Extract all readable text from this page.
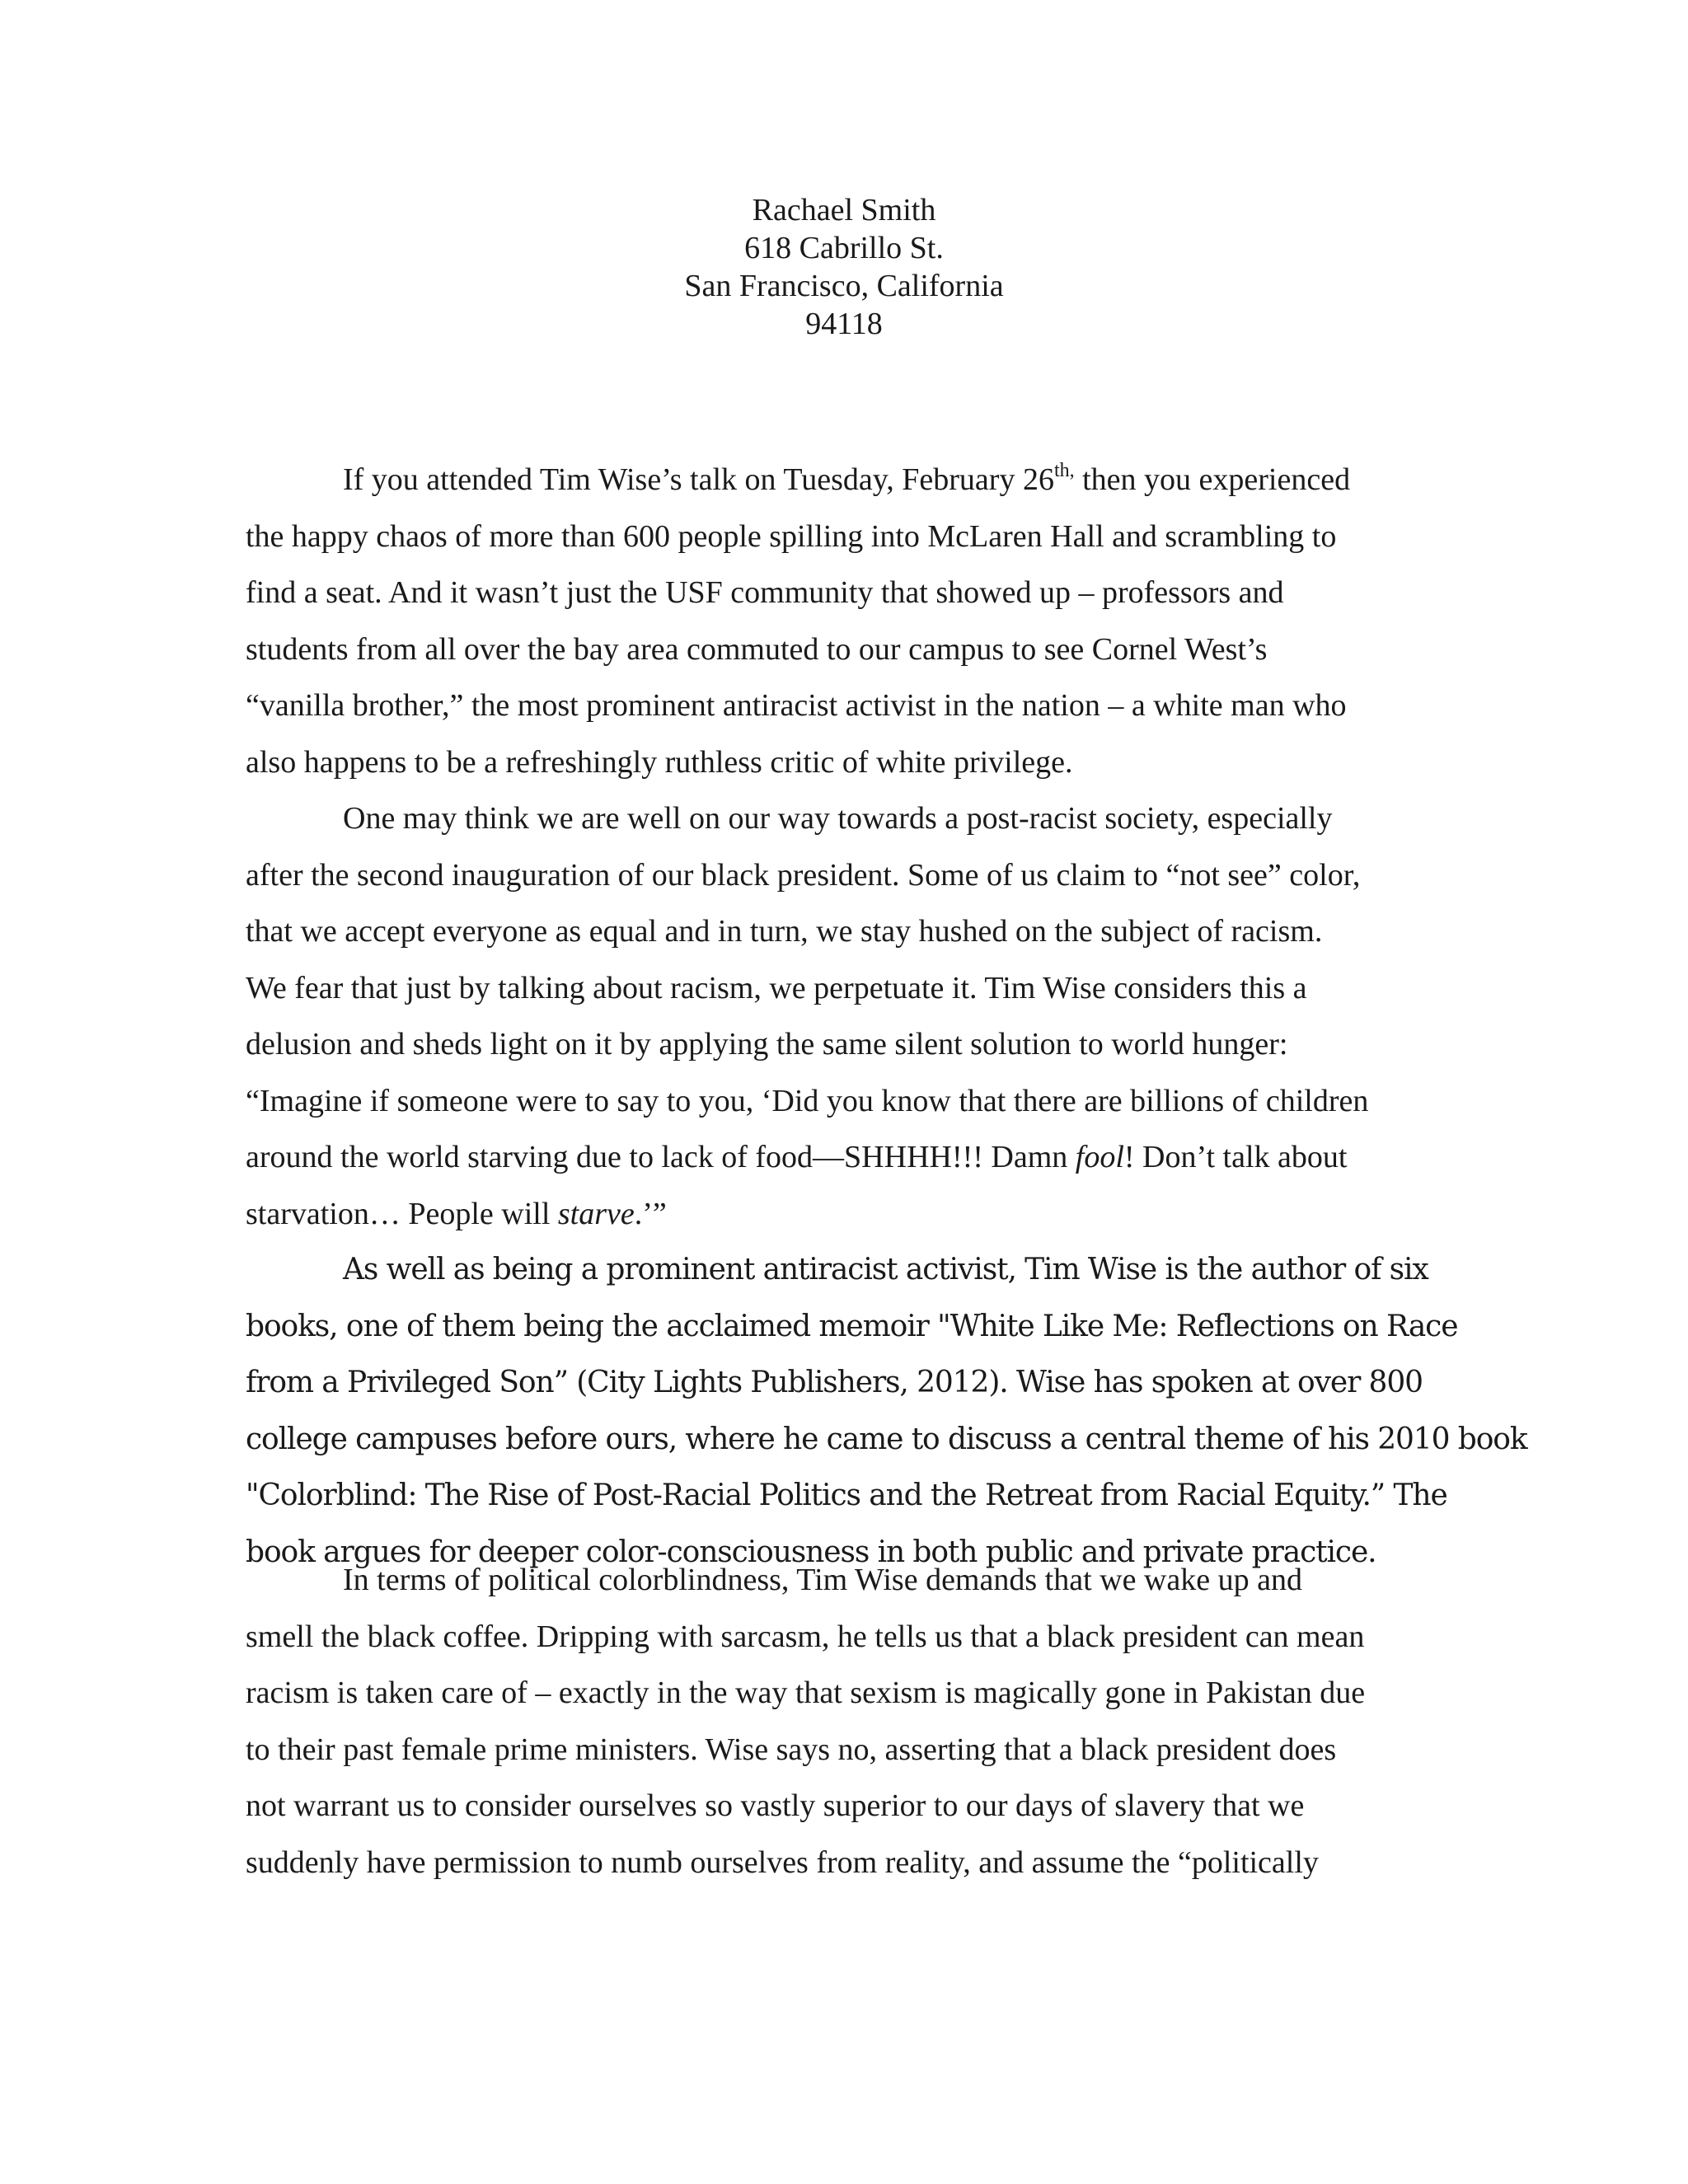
Rachael Smith
618 Cabrillo St.
San Francisco, California
94118
If you attended Tim Wise’s talk on Tuesday, February $26^{th,}$ then you experienced
the happy chaos of more than 600 people spilling into McLaren Hall and scrambling to
find a seat. And it wasn’t just the USF community that showed up – professors and
students from all over the bay area commuted to our campus to see Cornel West’s
“vanilla brother,” the most prominent antiracist activist in the nation – a white man who
also happens to be a refreshingly ruthless critic of white privilege.
One may think we are well on our way towards a post-racist society, especially
after the second inauguration of our black president. Some of us claim to “not see” color,
that we accept everyone as equal and in turn, we stay hushed on the subject of racism.
We fear that just by talking about racism, we perpetuate it. Tim Wise considers this a
delusion and sheds light on it by applying the same silent solution to world hunger:
“Imagine if someone were to say to you, ‘Did you know that there are billions of children
around the world starving due to lack of food—SHHHH!!! Damn fool! Don’t talk about
starvation… People will starve.’”
As well as being a prominent antiracist activist, Tim Wise is the author of six
books, one of them being the acclaimed memoir "White Like Me: Reflections on Race
from a Privileged Son” (City Lights Publishers, 2012). Wise has spoken at over 800
college campuses before ours, where he came to discuss a central theme of his 2010 book
"Colorblind: The Rise of Post-Racial Politics and the Retreat from Racial Equity.” The
book argues for deeper color-consciousness in both public and private practice.
In terms of political colorblindness, Tim Wise demands that we wake up and
smell the black coffee. Dripping with sarcasm, he tells us that a black president can mean
racism is taken care of – exactly in the way that sexism is magically gone in Pakistan due
to their past female prime ministers. Wise says no, asserting that a black president does
not warrant us to consider ourselves so vastly superior to our days of slavery that we
suddenly have permission to numb ourselves from reality, and assume the “politically
